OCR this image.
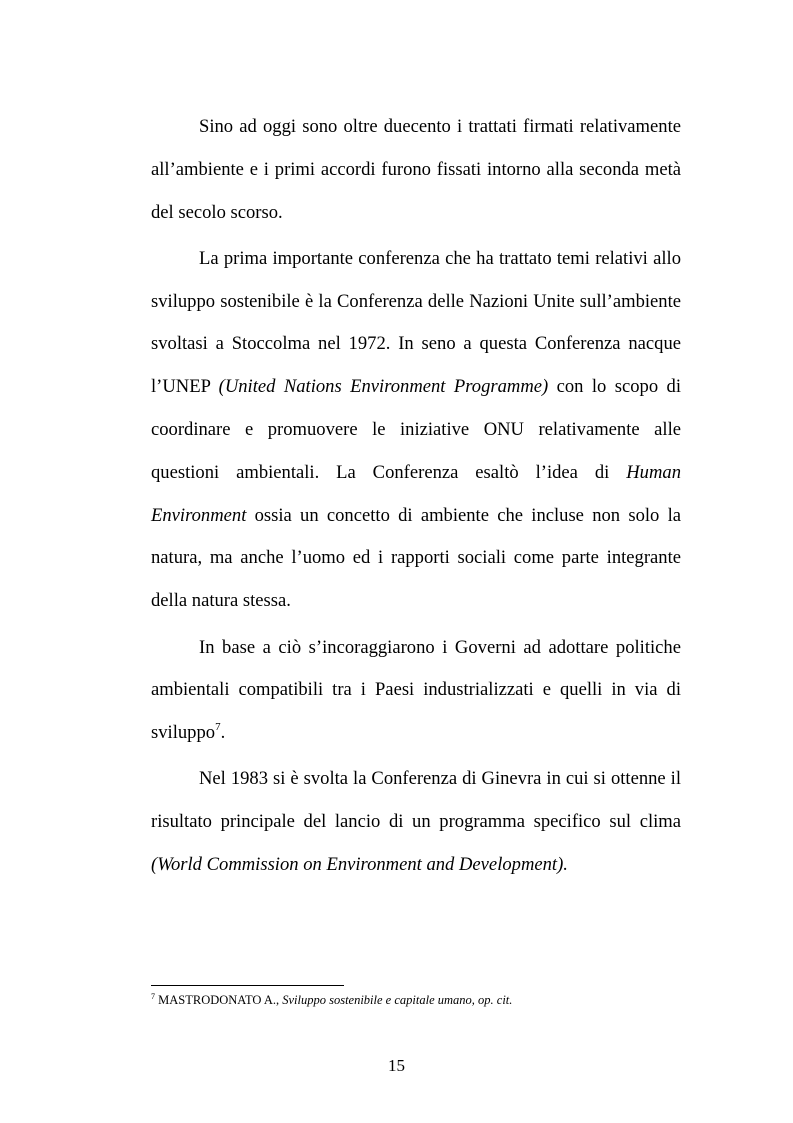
Sino ad oggi sono oltre duecento i trattati firmati relativamente all’ambiente e i primi accordi furono fissati intorno alla seconda metà del secolo scorso.

La prima importante conferenza che ha trattato temi relativi allo sviluppo sostenibile è la Conferenza delle Nazioni Unite sull’ambiente svoltasi a Stoccolma nel 1972. In seno a questa Conferenza nacque l’UNEP (United Nations Environment Programme) con lo scopo di coordinare e promuovere le iniziative ONU relativamente alle questioni ambientali. La Conferenza esaltò l’idea di Human Environment ossia un concetto di ambiente che incluse non solo la natura, ma anche l’uomo ed i rapporti sociali come parte integrante della natura stessa.

In base a ciò s’incoraggiarono i Governi ad adottare politiche ambientali compatibili tra i Paesi industrializzati e quelli in via di sviluppo$^7$.

Nel 1983 si è svolta la Conferenza di Ginevra in cui si ottenne il risultato principale del lancio di un programma specifico sul clima (World Commission on Environment and Development).

$^7$ MASTRODONATO A., Sviluppo sostenibile e capitale umano, op. cit.
15
